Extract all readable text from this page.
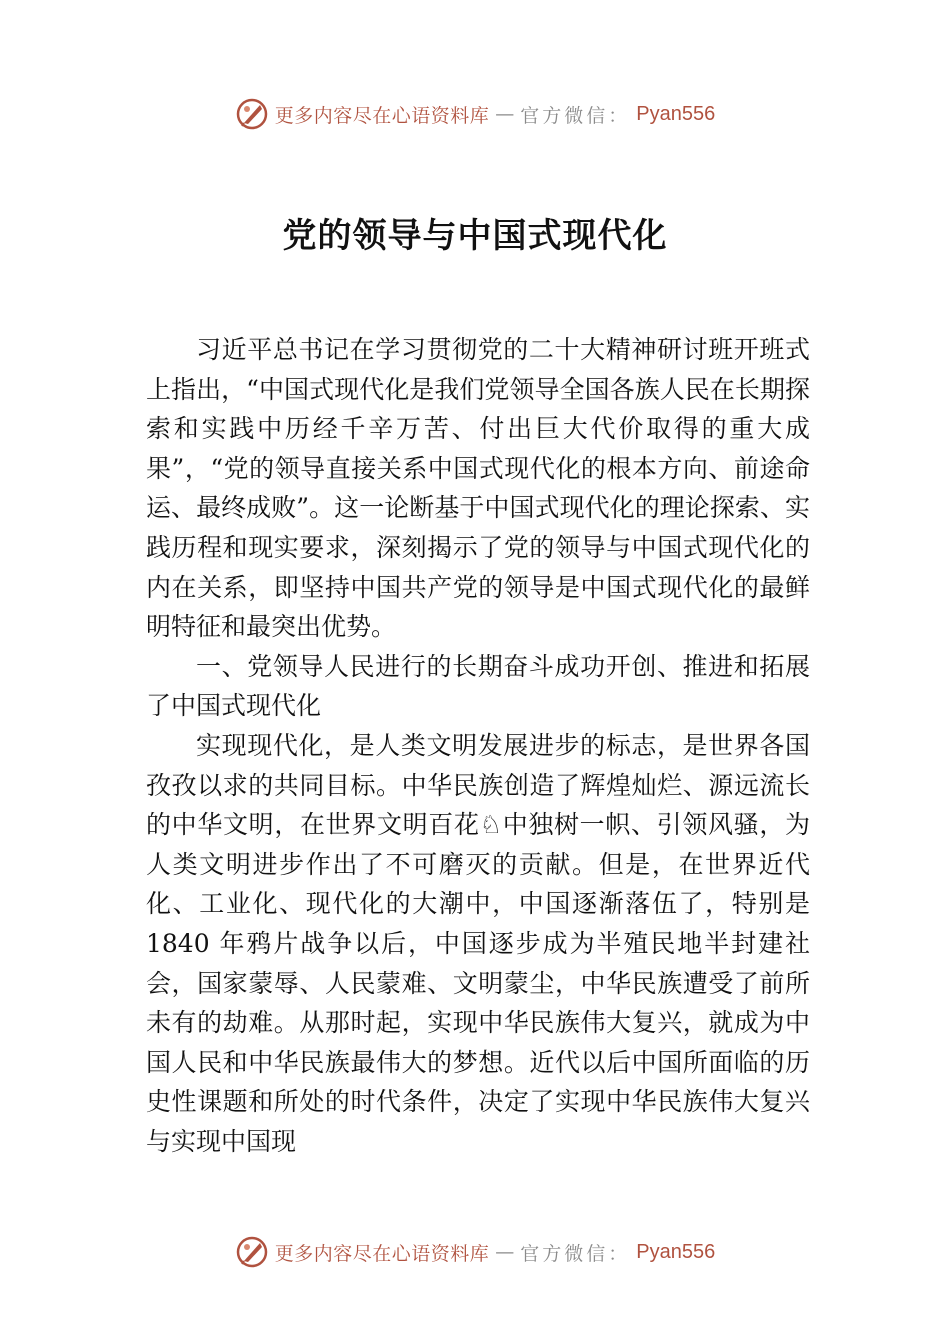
更多内容尽在心语资料库 — 官方微信： Pyan556
党的领导与中国式现代化

习近平总书记在学习贯彻党的二十大精神研讨班开班式上指出，“中国式现代化是我们党领导全国各族人民在长期探索和实践中历经千辛万苦、付出巨大代价取得的重大成果”，“党的领导直接关系中国式现代化的根本方向、前途命运、最终成败”。这一论断基于中国式现代化的理论探索、实践历程和现实要求，深刻揭示了党的领导与中国式现代化的内在关系，即坚持中国共产党的领导是中国式现代化的最鲜明特征和最突出优势。

一、党领导人民进行的长期奋斗成功开创、推进和拓展了中国式现代化

实现现代化，是人类文明发展进步的标志，是世界各国孜孜以求的共同目标。中华民族创造了辉煌灿烂、源远流长的中华文明，在世界文明百花♘中独树一帜、引领风骚，为人类文明进步作出了不可磨灭的贡献。但是，在世界近代化、工业化、现代化的大潮中，中国逐渐落伍了，特别是 1840 年鸦片战争以后，中国逐步成为半殖民地半封建社会，国家蒙辱、人民蒙难、文明蒙尘，中华民族遭受了前所未有的劫难。从那时起，实现中华民族伟大复兴，就成为中国人民和中华民族最伟大的梦想。近代以后中国所面临的历史性课题和所处的时代条件，决定了实现中华民族伟大复兴与实现中国现

更多内容尽在心语资料库 — 官方微信： Pyan556
